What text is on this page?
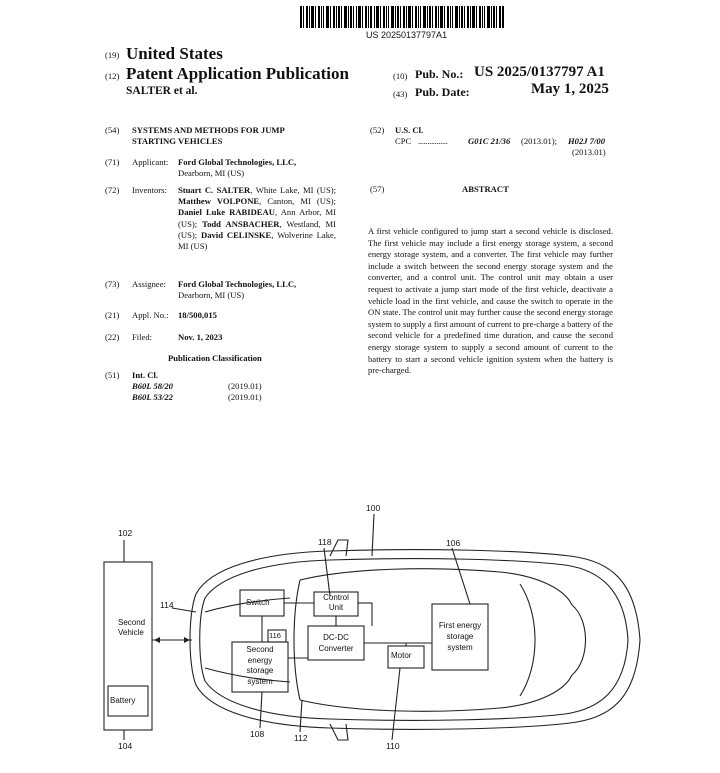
US 20250137797A1
(19) United States
(12) Patent Application Publication
SALTER et al.
(10) Pub. No.: US 2025/0137797 A1
(43) Pub. Date:	May 1, 2025
(54) SYSTEMS AND METHODS FOR JUMP
STARTING VEHICLES
(71) Applicant: Ford Global Technologies, LLC,
Dearborn, MI (US)
(72) Inventors: Stuart C. SALTER, White Lake, MI (US); Matthew VOLPONE, Canton, MI (US); Daniel Luke RABIDEAU, Ann Arbor, MI (US); Todd ANSBACHER, Westland, MI (US); David CELINSKE, Wolverine Lake, MI (US)
(73) Assignee: Ford Global Technologies, LLC,
Dearborn, MI (US)
(21) Appl. No.: 18/500,015
(22) Filed:	Nov. 1, 2023
Publication Classification
(51) Int. Cl.
B60L 58/20	(2019.01)
B60L 53/22	(2019.01)
(52) U.S. Cl.
CPC ................ G01C 21/36 (2013.01); H02J 7/00
(2013.01)
(57)	ABSTRACT
A first vehicle configured to jump start a second vehicle is disclosed. The first vehicle may include a first energy storage system, a second energy storage system, and a converter. The first vehicle may further include a switch between the second energy storage system and the converter, and a control unit. The control unit may obtain a user request to activate a jump start mode of the first vehicle, deactivate a vehicle load in the first vehicle, and cause the switch to operate in the ON state. The control unit may further cause the second energy storage system to supply a first amount of current to pre-charge a battery of the second vehicle for a predefined time duration, and cause the second energy storage system to supply a second amount of current to the battery to start a second vehicle ignition system when the battery is pre-charged.
Second
Vehicle
Battery
Switch
Control
Unit
DC-DC
Converter
Motor
First energy
storage
system
Second
energy
storage
system
102
104
100
106
118
114
116
108	112
110
